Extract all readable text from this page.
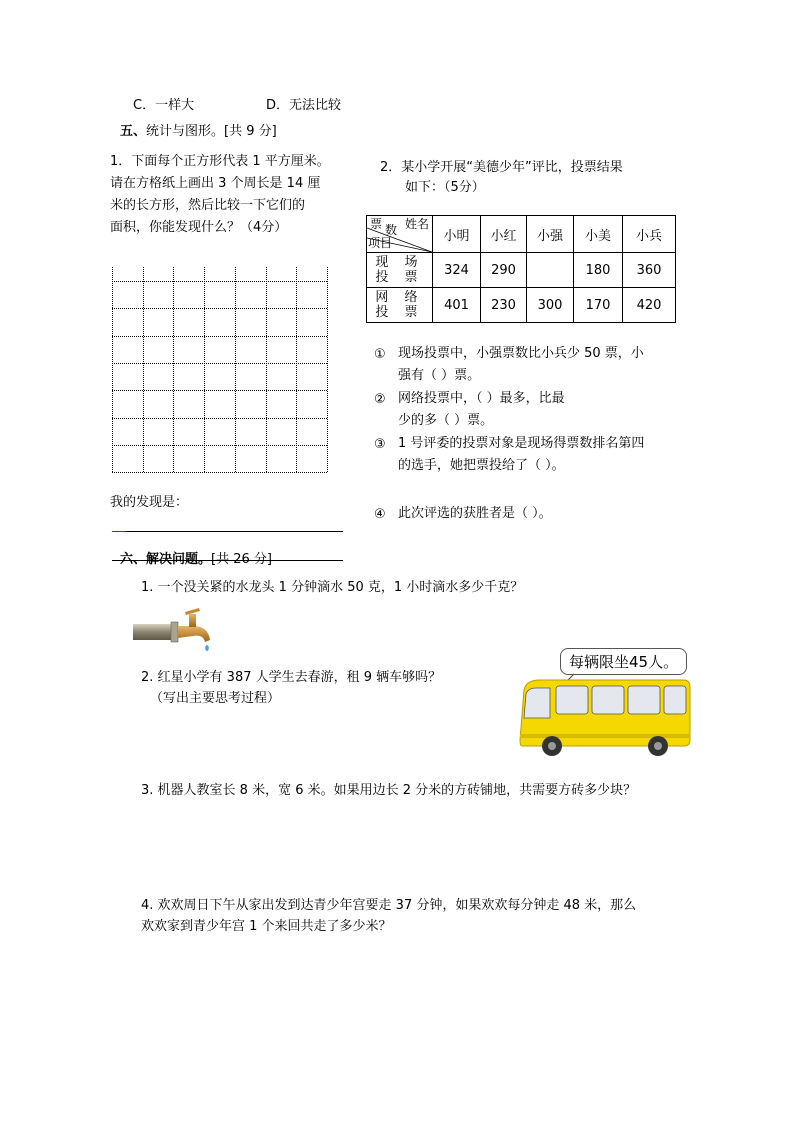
C．一样大	D．无法比较
五、统计与图形。[共 9 分]
1．下面每个正方形代表 1 平方厘米。
请在方格纸上画出 3 个周长是 14 厘
米的长方形，然后比较一下它们的
面积，你能发现什么？（4分）
我的发现是：
2．某小学开展“美德少年”评比，投票结果
如下：（5分）
票 数 姓名
项目	小明	小红	小强	小美	小兵

现 场
投 票	324	290		180	360

网 络
投 票	401	230	300	170	420
① 现场投票中，小强票数比小兵少 50 票，小
强有（ ）票。
② 网络投票中，（ ）最多，比最
少的多（ ）票。
③ 1 号评委的投票对象是现场得票数排名第四
的选手，她把票投给了（ ）。
④ 此次评选的获胜者是（ ）。
六、解决问题。[共 26 分]
1. 一个没关紧的水龙头 1 分钟滴水 50 克，1 小时滴水多少千克？
2. 红星小学有 387 人学生去春游，租 9 辆车够吗？
（写出主要思考过程）
每辆限坐45人。
3. 机器人教室长 8 米，宽 6 米。如果用边长 2 分米的方砖铺地，共需要方砖多少块？
4. 欢欢周日下午从家出发到达青少年宫要走 37 分钟，如果欢欢每分钟走 48 米，那么
欢欢家到青少年宫 1 个来回共走了多少米？
